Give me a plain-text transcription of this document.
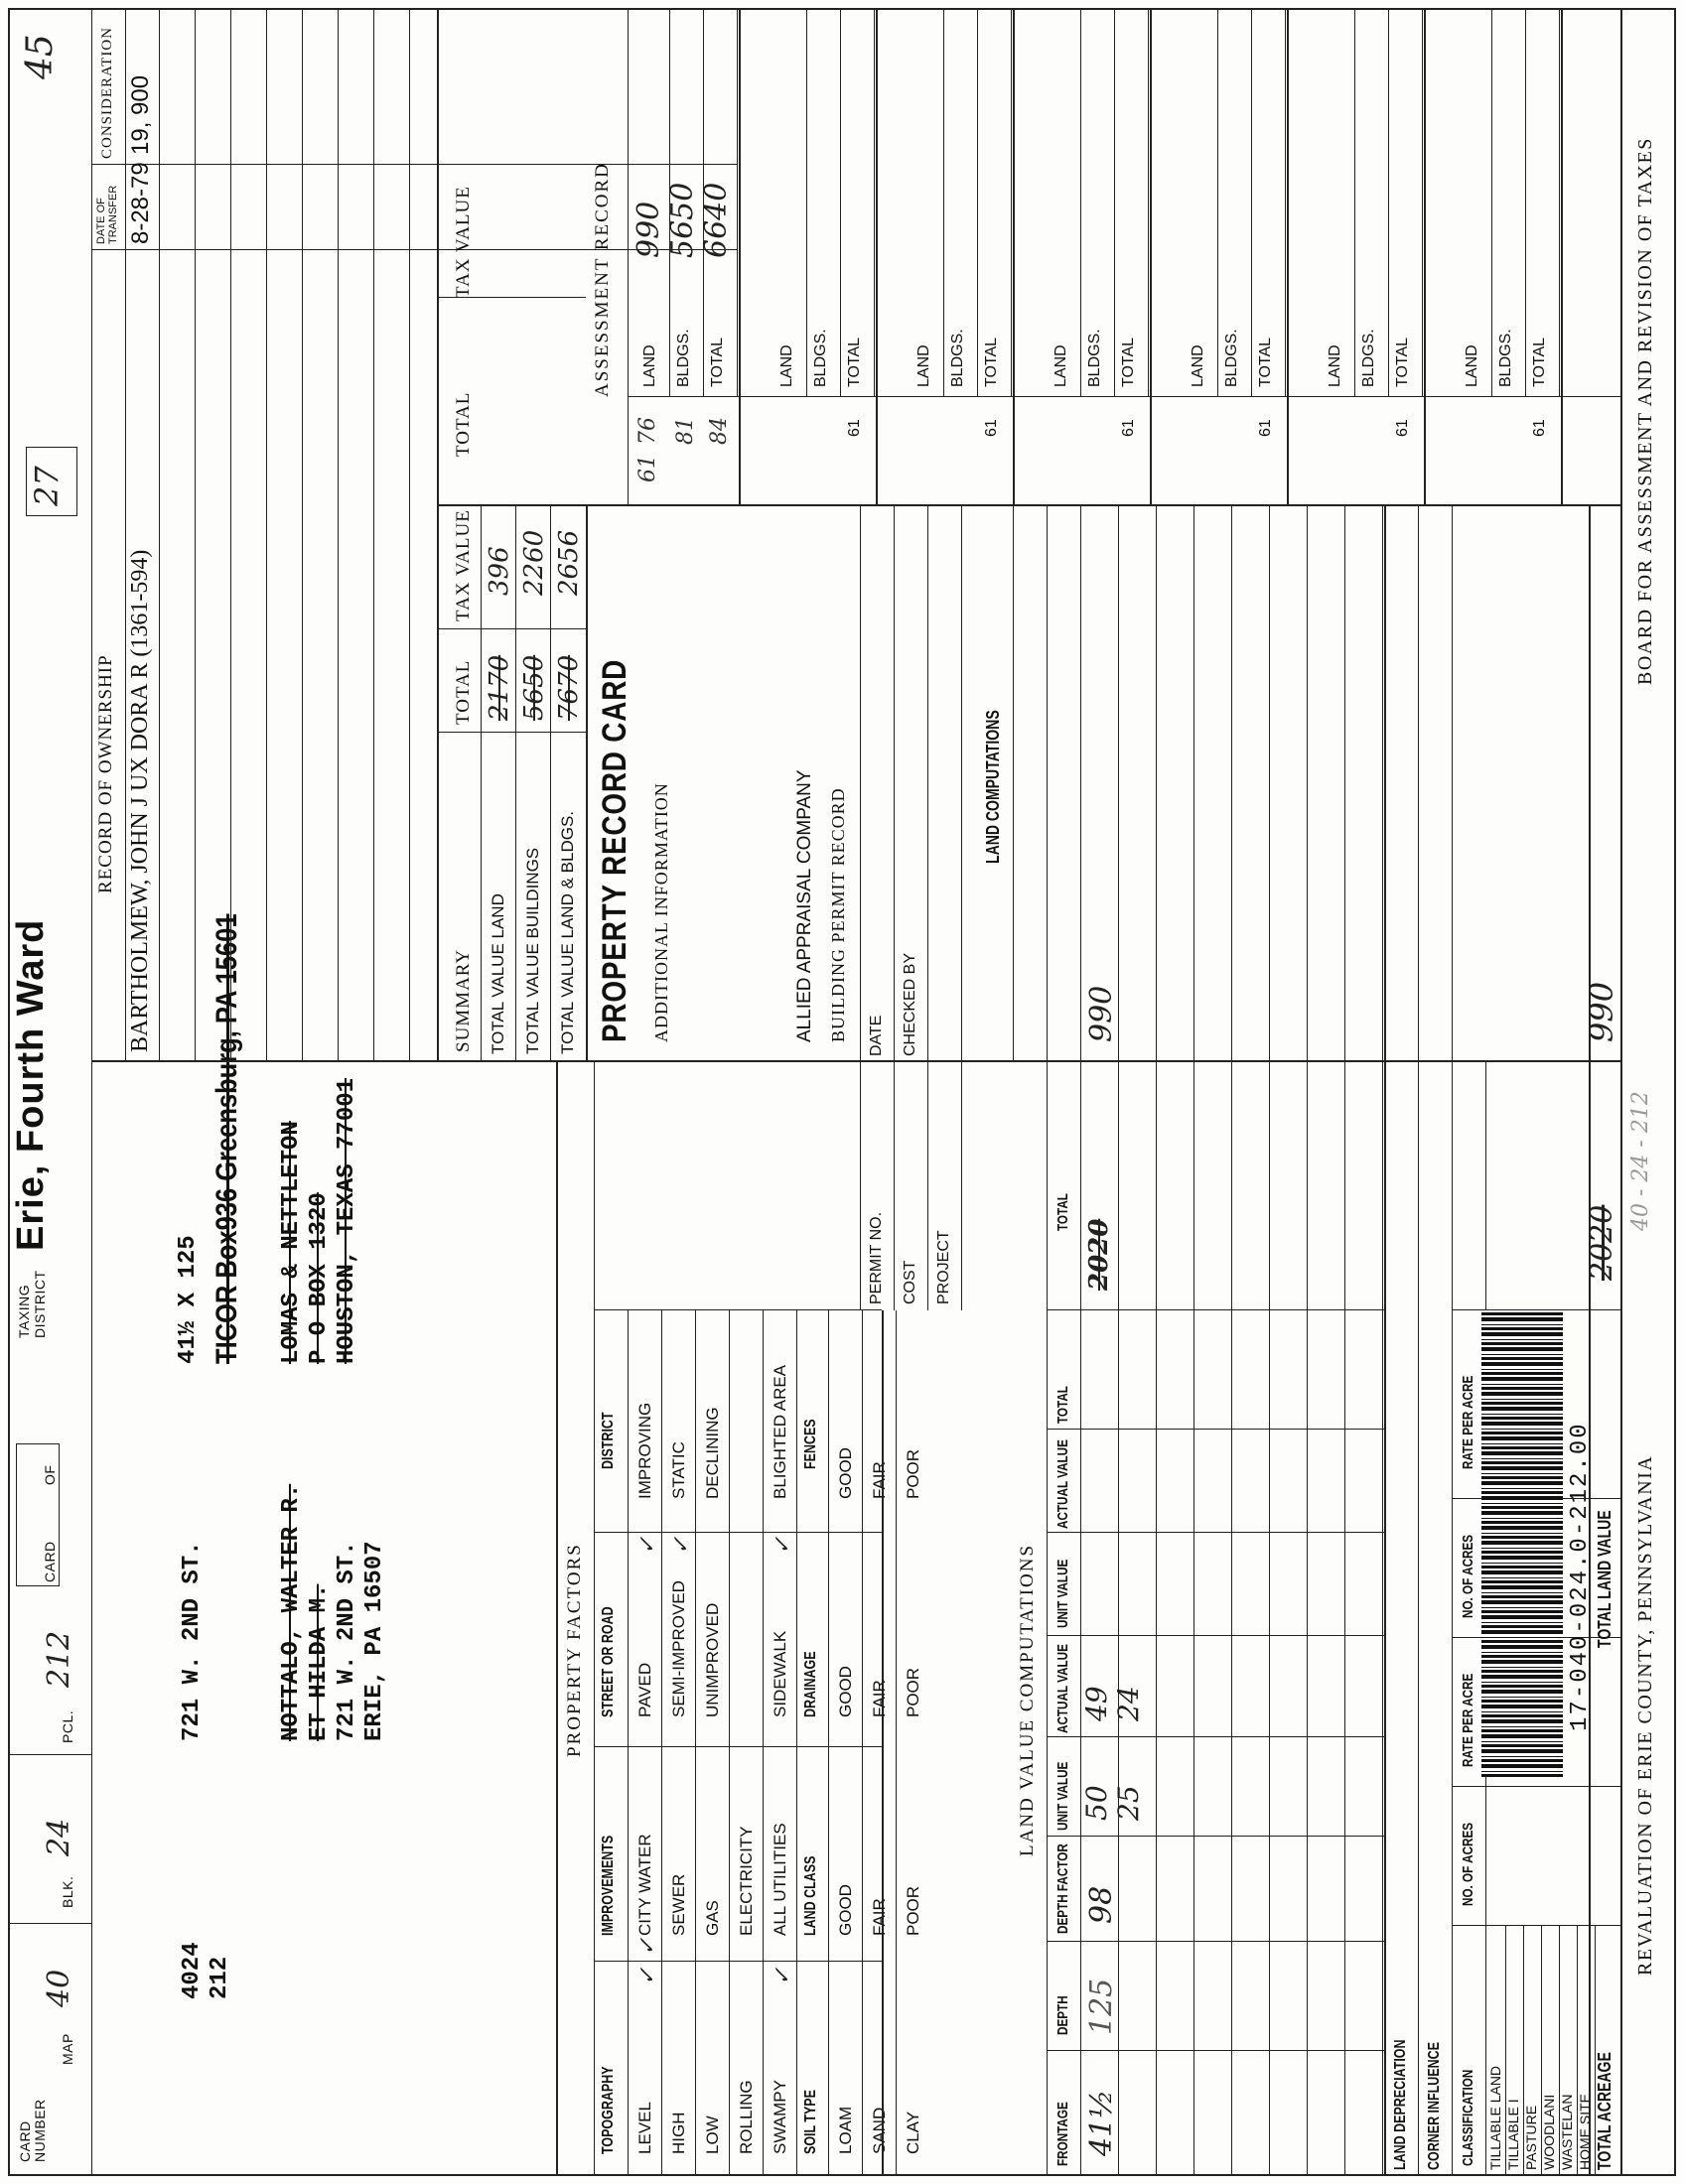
CARD NUMBER
MAP
40
BLK.
24
PCL.
212
CARD
OF
TAXING DISTRICT
Erie, Fourth Ward
27
45
4024 212
721 W. 2ND ST.
41½ X 125 TICOR Box936 Greensburg, PA 15601
NOTTALO, WALTER R. ET HILDA M. 721 W. 2ND ST. ERIE, PA 16507
LOMAS & NETTLETON P O BOX 1320 HOUSTON, TEXAS 77001
RECORD OF OWNERSHIP
DATE OF TRANSFER
CONSIDERATION
BARTHOLMEW, JOHN J UX DORA R (1361-594)
8-28-79
19, 900
SUMMARY
TOTAL
TAX VALUE
TOTAL VALUE LAND TOTAL VALUE BUILDINGS TOTAL VALUE LAND & BLDGS.
2170 5650 7670
396 2260 2656
TOTAL
TAX VALUE	ASSESSMENT RECORD
61
76
LAND
990
BLDGS.
81
5650
TOTAL
84
6640
LAND BLDGS. TOTAL
61
LAND BLDGS. TOTAL
61
LAND BLDGS. TOTAL
61
LAND BLDGS. TOTAL
61
LAND BLDGS. TOTAL
61
LAND BLDGS. TOTAL
61
PROPERTY RECORD CARD ADDITIONAL INFORMATION	ALLIED APPRAISAL COMPANY BUILDING PERMIT RECORD
PERMIT NO.
DATE
COST
CHECKED BY
PROJECT
LAND COMPUTATIONS
PROPERTY FACTORS
TOPOGRAPHY
IMPROVEMENTS
STREET OR ROAD
DISTRICT
LEVEL
CITY WATER
PAVED
IMPROVING
HIGH
SEWER
SEMI-IMPROVED
STATIC
LOW
GAS
UNIMPROVED
DECLINING
ROLLING
ELECTRICITY
SWAMPY
ALL UTILITIES
SIDEWALK
BLIGHTED AREA
✓
✓
✓ ✓
✓
✓
SOIL TYPE
LAND CLASS
DRAINAGE
FENCES
LOAM
GOOD
GOOD
GOOD
SAND
FAIR
FAIR
FAIR
CLAY
POOR
POOR
POOR
LAND VALUE COMPUTATIONS
FRONTAGE
DEPTH
DEPTH FACTOR
UNIT VALUE
ACTUAL VALUE
UNIT VALUE
ACTUAL VALUE
TOTAL
TOTAL
41½
125
98
50 25
49 24
2020
990
LAND DEPRECIATION CORNER INFLUENCE CLASSIFICATION
NO. OF ACRES
RATE PER ACRE
NO. OF ACRES
RATE PER ACRE
TILLABLE LAND TILLABLE I PASTURE WOODLANI WASTELAN HOME SITE TOTAL ACREAGE
TOTAL LAND VALUE
2020
990
17-040-024.0-212.00 REVALUATION OF ERIE COUNTY, PENNSYLVANIA
40 - 24 - 212
BOARD FOR ASSESSMENT AND REVISION OF TAXES
